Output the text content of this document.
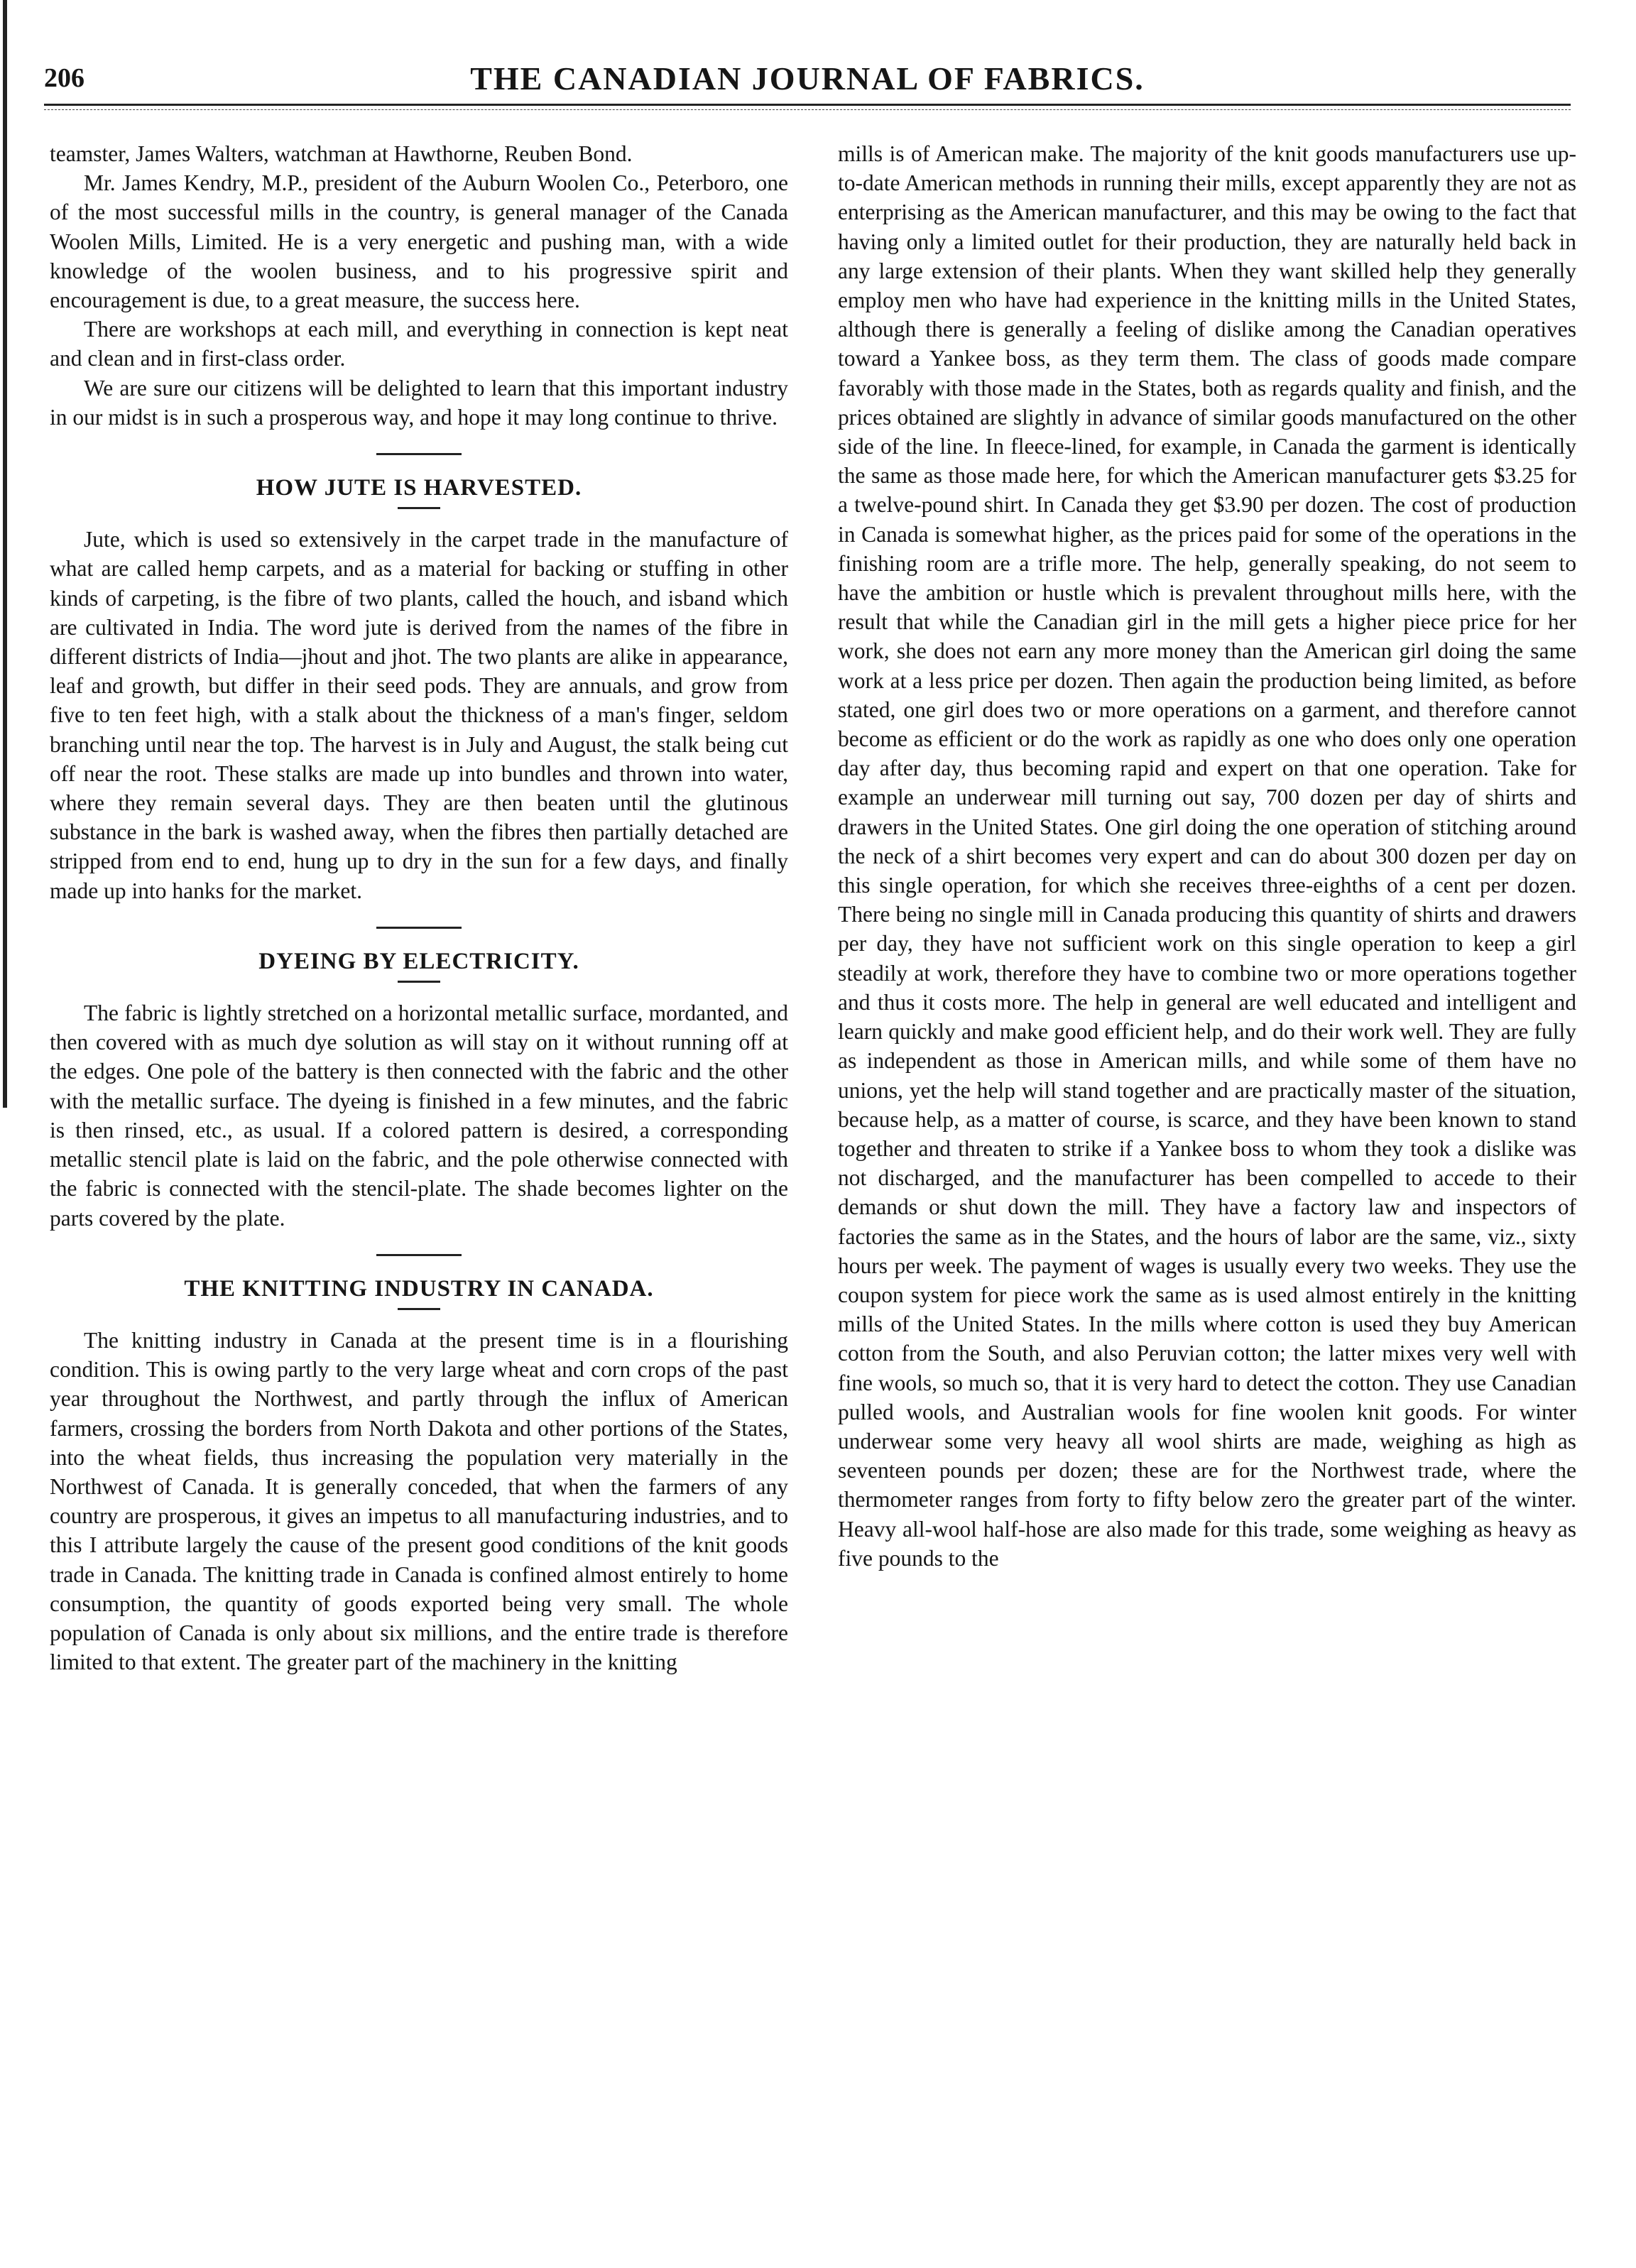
206	THE CANADIAN JOURNAL OF FABRICS.

teamster, James Walters, watchman at Hawthorne, Reuben Bond.

Mr. James Kendry, M.P., president of the Auburn Woolen Co., Peterboro, one of the most successful mills in the country, is general manager of the Canada Woolen Mills, Limited. He is a very energetic and pushing man, with a wide knowledge of the woolen business, and to his progressive spirit and encouragement is due, to a great measure, the success here.

There are workshops at each mill, and everything in connection is kept neat and clean and in first-class order.

We are sure our citizens will be delighted to learn that this important industry in our midst is in such a prosperous way, and hope it may long continue to thrive.

HOW JUTE IS HARVESTED.

Jute, which is used so extensively in the carpet trade in the manufacture of what are called hemp carpets, and as a material for backing or stuffing in other kinds of carpeting, is the fibre of two plants, called the houch, and isband which are cultivated in India. The word jute is derived from the names of the fibre in different districts of India—jhout and jhot. The two plants are alike in appearance, leaf and growth, but differ in their seed pods. They are annuals, and grow from five to ten feet high, with a stalk about the thickness of a man's finger, seldom branching until near the top. The harvest is in July and August, the stalk being cut off near the root. These stalks are made up into bundles and thrown into water, where they remain several days. They are then beaten until the glutinous substance in the bark is washed away, when the fibres then partially detached are stripped from end to end, hung up to dry in the sun for a few days, and finally made up into hanks for the market.

DYEING BY ELECTRICITY.

The fabric is lightly stretched on a horizontal metallic surface, mordanted, and then covered with as much dye solution as will stay on it without running off at the edges. One pole of the battery is then connected with the fabric and the other with the metallic surface. The dyeing is finished in a few minutes, and the fabric is then rinsed, etc., as usual. If a colored pattern is desired, a corresponding metallic stencil plate is laid on the fabric, and the pole otherwise connected with the fabric is connected with the stencil-plate. The shade becomes lighter on the parts covered by the plate.

THE KNITTING INDUSTRY IN CANADA.

The knitting industry in Canada at the present time is in a flourishing condition. This is owing partly to the very large wheat and corn crops of the past year throughout the Northwest, and partly through the influx of American farmers, crossing the borders from North Dakota and other portions of the States, into the wheat fields, thus increasing the population very materially in the Northwest of Canada. It is generally conceded, that when the farmers of any country are prosperous, it gives an impetus to all manufacturing industries, and to this I attribute largely the cause of the present good conditions of the knit goods trade in Canada. The knitting trade in Canada is confined almost entirely to home consumption, the quantity of goods exported being very small. The whole population of Canada is only about six millions, and the entire trade is therefore limited to that extent. The greater part of the machinery in the knitting

mills is of American make. The majority of the knit goods manufacturers use up-to-date American methods in running their mills, except apparently they are not as enterprising as the American manufacturer, and this may be owing to the fact that having only a limited outlet for their production, they are naturally held back in any large extension of their plants. When they want skilled help they generally employ men who have had experience in the knitting mills in the United States, although there is generally a feeling of dislike among the Canadian operatives toward a Yankee boss, as they term them. The class of goods made compare favorably with those made in the States, both as regards quality and finish, and the prices obtained are slightly in advance of similar goods manufactured on the other side of the line. In fleece-lined, for example, in Canada the garment is identically the same as those made here, for which the American manufacturer gets $3.25 for a twelve-pound shirt. In Canada they get $3.90 per dozen. The cost of production in Canada is somewhat higher, as the prices paid for some of the operations in the finishing room are a trifle more. The help, generally speaking, do not seem to have the ambition or hustle which is prevalent throughout mills here, with the result that while the Canadian girl in the mill gets a higher piece price for her work, she does not earn any more money than the American girl doing the same work at a less price per dozen. Then again the production being limited, as before stated, one girl does two or more operations on a garment, and therefore cannot become as efficient or do the work as rapidly as one who does only one operation day after day, thus becoming rapid and expert on that one operation. Take for example an underwear mill turning out say, 700 dozen per day of shirts and drawers in the United States. One girl doing the one operation of stitching around the neck of a shirt becomes very expert and can do about 300 dozen per day on this single operation, for which she receives three-eighths of a cent per dozen. There being no single mill in Canada producing this quantity of shirts and drawers per day, they have not sufficient work on this single operation to keep a girl steadily at work, therefore they have to combine two or more operations together and thus it costs more. The help in general are well educated and intelligent and learn quickly and make good efficient help, and do their work well. They are fully as independent as those in American mills, and while some of them have no unions, yet the help will stand together and are practically master of the situation, because help, as a matter of course, is scarce, and they have been known to stand together and threaten to strike if a Yankee boss to whom they took a dislike was not discharged, and the manufacturer has been compelled to accede to their demands or shut down the mill. They have a factory law and inspectors of factories the same as in the States, and the hours of labor are the same, viz., sixty hours per week. The payment of wages is usually every two weeks. They use the coupon system for piece work the same as is used almost entirely in the knitting mills of the United States. In the mills where cotton is used they buy American cotton from the South, and also Peruvian cotton; the latter mixes very well with fine wools, so much so, that it is very hard to detect the cotton. They use Canadian pulled wools, and Australian wools for fine woolen knit goods. For winter underwear some very heavy all wool shirts are made, weighing as high as seventeen pounds per dozen; these are for the Northwest trade, where the thermometer ranges from forty to fifty below zero the greater part of the winter. Heavy all-wool half-hose are also made for this trade, some weighing as heavy as five pounds to the
